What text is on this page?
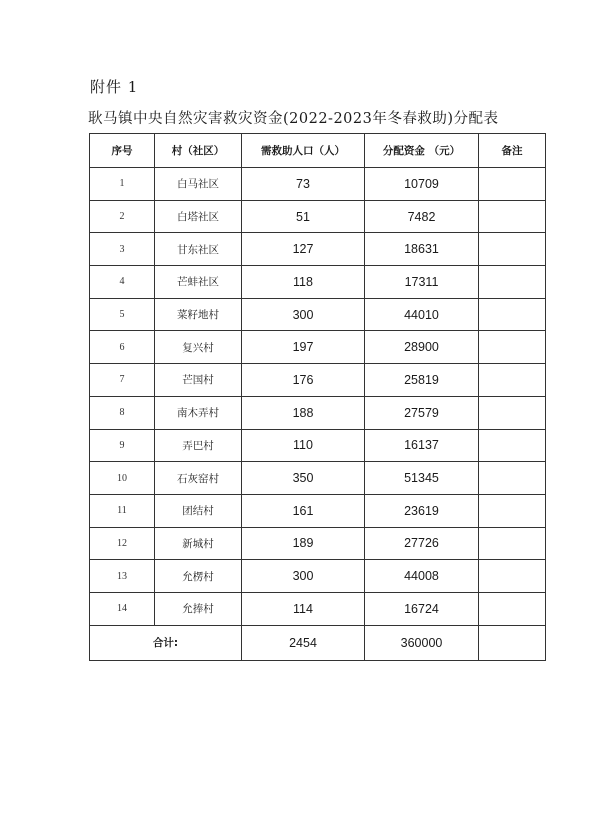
附件 1
耿马镇中央自然灾害救灾资金(2022-2023年冬春救助)分配表
序号	村（社区）	需救助人口（人）	分配资金 （元）	备注
1	白马社区	73	10709	
2	白塔社区	51	7482	
3	甘东社区	127	18631	
4	芒蚌社区	118	17311	
5	菜籽地村	300	44010	
6	复兴村	197	28900	
7	芒国村	176	25819	
8	南木弄村	188	27579	
9	弄巴村	110	16137	
10	石灰窑村	350	51345	
11	团结村	161	23619	
12	新城村	189	27726	
13	允楞村	300	44008	
14	允捧村	114	16724	
合计:		2454	360000	
